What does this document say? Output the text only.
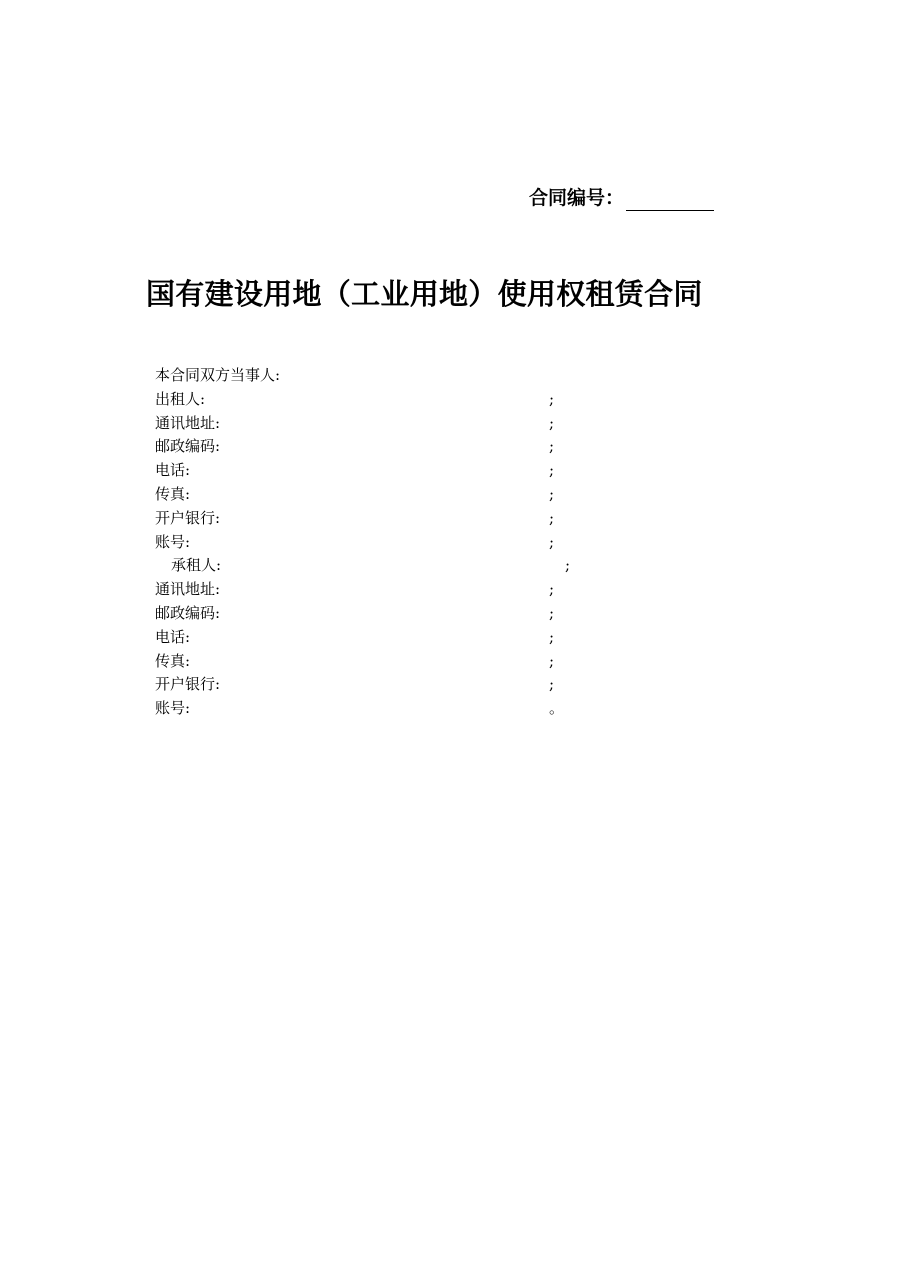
合同编号：
国有建设用地（工业用地）使用权租赁合同
本合同双方当事人:
出租人:	;
通讯地址:	;
邮政编码:	;
电话:	;
传真:	;
开户银行:	;
账号:	;
承租人:	;
通讯地址:	;
邮政编码:	;
电话:	;
传真:	;
开户银行:	;
账号:	。
